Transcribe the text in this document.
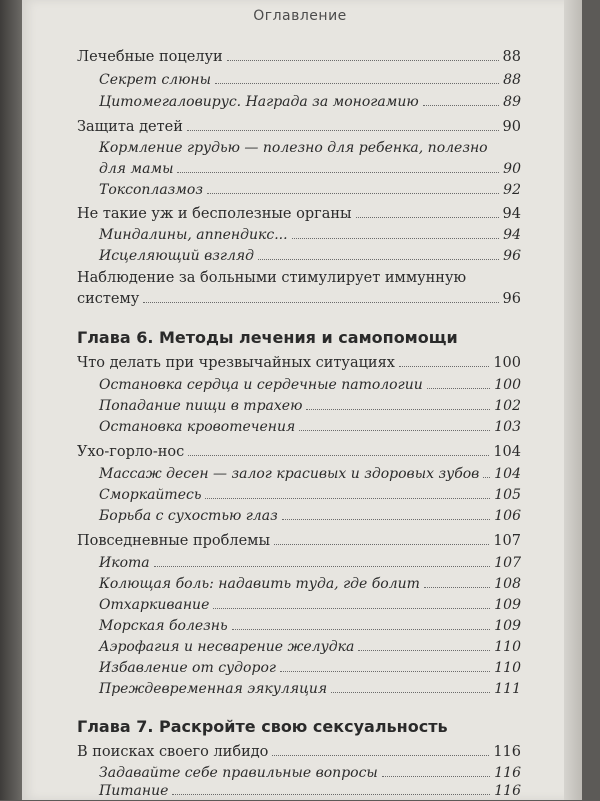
Оглавление
Лечебные поцелуи	88
Секрет слюны	88
Цитомегаловирус. Награда за моногамию	89
Защита детей	90
Кормление грудью — полезно для ребенка, полезно
для мамы	90
Токсоплазмоз	92
Не такие уж и бесполезные органы	94
Миндалины, аппендикс...	94
Исцеляющий взгляд	96
Наблюдение за больными стимулирует иммунную
систему	96
Глава 6. Методы лечения и самопомощи
Что делать при чрезвычайных ситуациях	100
Остановка сердца и сердечные патологии	100
Попадание пищи в трахею	102
Остановка кровотечения	103
Ухо-горло-нос	104
Массаж десен — залог красивых и здоровых зубов 104
Сморкайтесь	105
Борьба с сухостью глаз	106
Повседневные проблемы	107
Икота	107
Колющая боль: надавить туда, где болит	108
Отхаркивание	109
Морская болезнь	109
Аэрофагия и несварение желудка	110
Избавление от судорог	110
Преждевременная эякуляция	111
Глава 7. Раскройте свою сексуальность
В поисках своего либидо	116
Задавайте себе правильные вопросы	116
Питание	116
